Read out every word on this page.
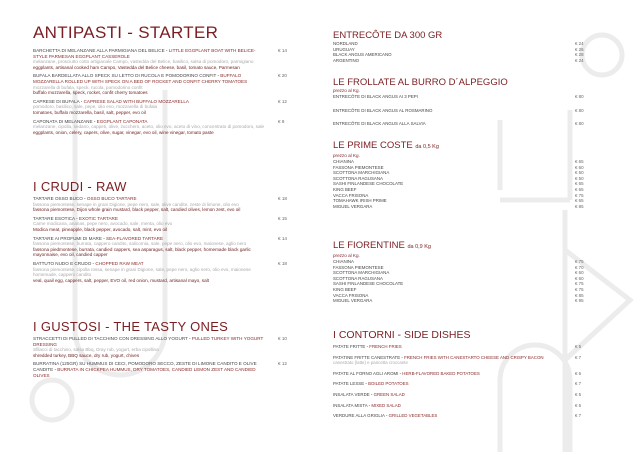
ANTIPASTI - STARTER
BARCHETTA DI MELANZANE ALLA PARMIGIANA DEL BELICE - LITTLE EGGPLANT BOAT WITH BELICE-STYLE PARMESAN EGGPLANT CASSEROLE
melanzane, prosciutto cotto artigianale Campo, vastedda del Belice, basilico, salsa di pomodoro, parmigiano
eggplants, artisanal cooked ham Campo, Vastedda del Belice cheese, basil, tomato sauce, Parmesan
€ 14
BUFALA BARDELLATA ALLO SPECK SU LETTO DI RUCOLA E POMODORINO CONFIT - BUFFALO MOZZARELLA ROLLED UP WITH SPECK ON A BED OF ROCKET AND CONFIT CHERRY TOMATOES
mozzarella di bufala, speck, rucola, pomodorino confit
buffalo mozzarella, speck, rocket, confit cherry tomatoes
€ 20
CAPRESE DI BUFALA - CAPRESE SALAD WITH BUFFALO MOZZARELLA
pomodoro, basilico, sale, pepe, olio evo, mozzarella di bufala
tomatoes, buffalo mozzarella, basil, salt, pepper, evo oil
€ 12
CAPONATA DI MELANZANE - EGGPLANT CAPONATA
melanzane, cipolla, sedano, cappeti, olive, zucchero, aceto, olio evo, aceto di vino, concentrato di pomodoro, sale
eggplants, onion, celery, capers, olive, sugar, vinegar, evo oil, wine vinegar, tomato paste
€ 8
I CRUDI - RAW
TARTARE OSSO BUCO - OSSO BUCO TARTARE
fassona piemontese, senape in grani Digione, pepe nero, sale, olive candite, zeste di limone, olio evo
fassona piemontese, Dijon whole grain mustard, black pepper, salt, candied olives, lemon zest, evo oil
€ 18
TARTARE ESOTICA - EXOTIC TARTARE
Carne modicana, ananas, pepe nero, avocado, sale, menta, olio evo
Modica meat, pineapple, black pepper, avocado, salt, mint, evo oil
€ 15
TARTARE AI PROFUMI DI MARE - SEA-FLAVORED TARTARE
fassona piemontese, burrata, cappero candito, salicornia, sale, pepe nero, olio evo, maionese, aglio nero
fassona piedmontese, burrata, candied cappers, sea asparagus, salt, black pepper, homemade black garlic mayonnaise, evo oil, candied capper
€ 14
BATTUTO NUDO E CRUDO - CHOPPED RAW MEAT
fassona piemontese, cipolla rossa, senape in grani Digione, sale, pepe nero, aglio nero, olio evo, maionese homemade, cappero candito
veal, quail egg, cappers, salt, pepper, EVO oil, red onion, mustard, artisanal mayo, salt
€ 18
I GUSTOSI - THE TASTY ONES
STRACCETTI DI PULLED DI TACCHINO CON DRESSING ALLO YOGURT - PULLED TURKEY WITH YOGURT DRESSING
Sfilacci di tacchino, salsa Bbq, Dray rub, yogurt, erba cipollina
shredded turkey, BBQ sauce, dry rub, yogurt, chives
€ 10
BURRATINA (125GR) SU HUMMUS DI CECI, POMODORO SECCO, ZESTE DI LIMONE CANDITO E OLIVE CANDITE - BURRATA IN CHICKPEA HUMMUS, DRY TOMATOES, CANDIED LEMON ZEST AND CANDIED OLIVES
€ 12
ENTRECÔTE DA 300 GR
NORDLAND	€ 24
URUGUAY	€ 26
BLACK ANGUS AMERICANO	€ 28
ARGENTINO	€ 24
LE FROLLATE AL BURRO D´ALPEGGIO
prezzo al Kg.
ENTRECÔTE DI BLACK ANGUS AI 3 PEPI	€ 80
ENTRECÔTE DI BLACK ANGUS AL ROSMARINO	€ 80
ENTRECÔTE DI BLACK ANGUS ALLA SALVIA	€ 80
LE PRIME COSTE da 0,5 Kg
prezzo al Kg.
CHIANINA	€ 65
FASSONA PIEMONTESE	€ 60
SCOTTONA MARCHIGIANA	€ 50
SCOTTONA RAGUSANA	€ 50
SASHI FINLANDESE CHOCOLATE	€ 65
KING BEEF	€ 65
VACCA FRISONA	€ 75
TOMAHAWK IRISH PRIME	€ 65
MIGUEL VERGARA	€ 85
LE FIORENTINE da 0,9 Kg
prezzo al Kg.
CHIANINA	€ 75
FASSONA PIEMONTESE	€ 70
SCOTTONA MARCHIGIANA	€ 60
SCOTTONA RAGUSANA	€ 60
SASHI FINLANDESE CHOCOLATE	€ 75
KING BEEF	€ 75
VACCA FRISONA	€ 85
MIGUEL VERGARA	€ 95
I CONTORNI - SIDE DISHES
PATATE FRITTE - FRENCH FRIES	€ 5
PATATINE FRITTE CANESTRATE - FRENCH FRIES WITH CANESTARTO CHEESE AND CRISPY BACON
canestrato (latte) e pancetta croccante
€ 7
PATATE AL FORNO AGLI AROMI - HERB-FLAVORED BAKED POTATOES	€ 6
PATATE LESSE - BOILED POTATOES	€ 7
INSALATA VERDE - GREEN SALAD	€ 5
INSALATA MISTA - MIXED SALAD	€ 5
VERDURE ALLA GRIGLIA - GRILLED VEGETABLES	€ 7
